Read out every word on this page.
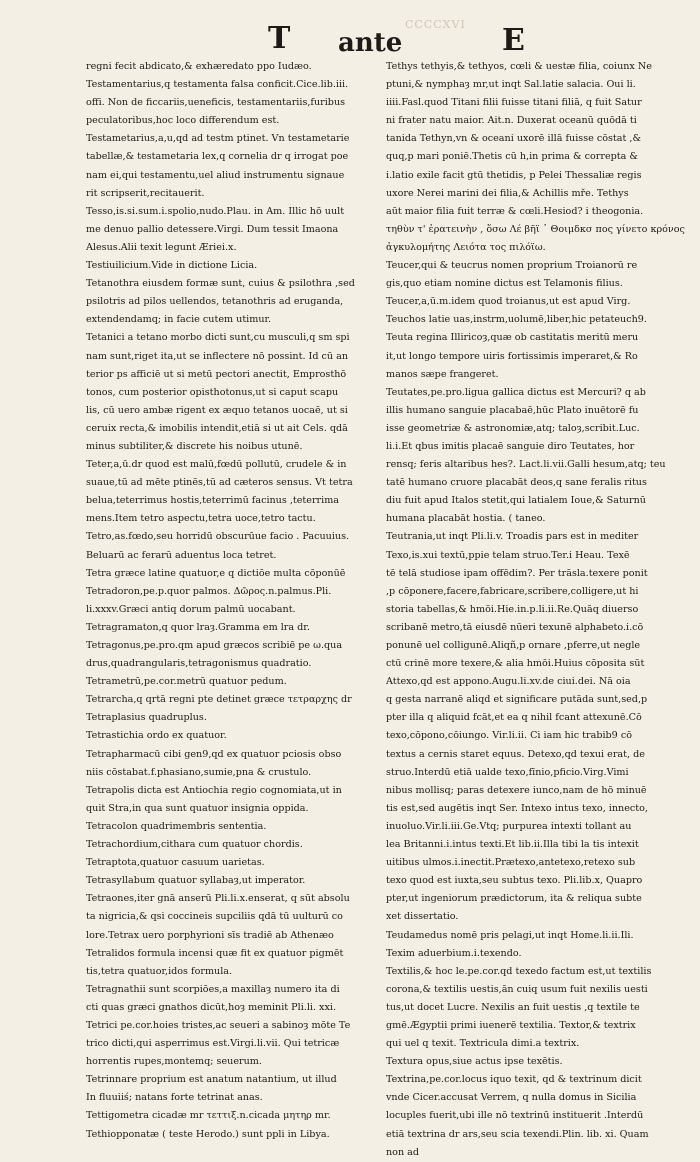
CCCCXVI
T ante	E
regni fecit abdicato,& exhæredato ppo Iudæo.
Testamentarius,q testamenta falsa conficit.Cice.lib.iii.
offi. Non de ficcariis,ueneficis, testamentariis,furibus
peculatoribus,hoc loco differendum est.
Testametarius,a,u,qd ad testm ptinet. Vn testametarie
tabellæ,& testametaria lex,q cornelia dr q irrogat poe
nam ei,qui testamentu,uel aliud instrumentu signaue
rit scripserit,recitauerit.
Tesso,is.si.sum.i.spolio,nudo.Plau. in Am. Illic hō uult
me denuo pallio detessere.Virgi. Dum tessit Imaona
Alesus.Alii texit legunt Æriei.x.
Testiuilicium.Vide in dictione Licia.
Tetanothra eiusdem formæ sunt, cuius & psilothra ,sed
psilotris ad pilos uellendos, tetanothris ad eruganda,
extendendamq; in facie cutem utimur.
Tetanici a tetano morbo dicti sunt,cu musculi,q sm spi
nam sunt,riget ita,ut se inflectere nō possint. Id cū an
terior ps afficiē ut si metū pectori anectit, Emprosthō
tonos, cum posterior opisthotonus,ut si caput scapu
lis, cū uero ambæ rigent ex æquo tetanos uocaē, ut si
ceruix recta,& imobilis intendit,etiā si ut ait Cels. qdā
minus subtiliter,& discrete his noibus utunē.
Teter,a,ū.dr quod est malū,fœdū pollutū, crudele & in
suaue,tū ad mēte ptinēs,tū ad cæteros sensus. Vt tetra
belua,teterrimus hostis,teterrimū facinus ,teterrima
mens.Item tetro aspectu,tetra uoce,tetro tactu.
Tetro,as.fœdo,seu horridū obscurūue facio . Pacuuius.
Beluarū ac ferarū aduentus loca tetret.
Tetra græce latine quatuor,e q dictiōe multa cōponūē
Tetradoron,pe.p.quor palmos. Δῶρος.n.palmus.Pli.
li.xxxv.Græci antiq dorum palmū uocabant.
Tetragramaton,q quor lraȝ.Gramma em lra dr.
Tetragonus,pe.pro.qm apud græcos scribiē pe ω.qua
drus,quadrangularis,tetragonismus quadratio.
Tetrametrū,pe.cor.metrū quatuor pedum.
Tetrarcha,q qrtā regni pte detinet græce τετραρχης dr
Tetraplasius quadruplus.
Tetrastichia ordo ex quatuor.
Tetrapharmacū cibi gen9,qd ex quatuor pciosis obso
niis cōstabat.f.phasiano,sumie,pna & crustulo.
Tetrapolis dicta est Antiochia regio cognomiata,ut in
quit Stra,in qua sunt quatuor insignia oppida.
Tetracolon quadrimembris sententia.
Tetrachordium,cithara cum quatuor chordis.
Tetraptota,quatuor casuum uarietas.
Tetrasyllabum quatuor syllabaȝ,ut imperator.
Tetraones,iter gnā anserū Pli.li.x.enserat, q sūt absolu
ta nigricia,& qsi coccineis supciliis qdā tū uulturū co
lore.Tetrax uero porphyrioni sīs tradiē ab Athenæo
Tetralidos formula incensi quæ fit ex quatuor pigmēt
tis,tetra quatuor,idos formula.
Tetragnathii sunt scorpiōes,a maxillaȝ numero ita di
cti quas græci gnathos dicūt,hoȝ meminit Pli.li. xxi.
Tetrici pe.cor.hoies tristes,ac seueri a sabinoȝ mōte Te
trico dicti,qui asperrimus est.Virgi.li.vii. Qui tetricæ
horrentis rupes,montemq; seuerum.
Tetrinnare proprium est anatum natantium, ut illud
In fluuiiś; natans forte tetrinat anas.
Tettigometra cicadæ mr τεττιξ.n.cicada μητηρ mr.
Tethiopponatæ ( teste Herodo.) sunt ppli in Libya.
Tethys tethyis,& tethyos, cœli & uestæ filia, coiunx Ne
ptuni,& nymphaȝ mr,ut inqt Sal.latie salacia. Oui li.
iiii.Fasl.quod Titani filii fuisse titani filiā, q fuit Satur
ni frater natu maior. Ait.n. Duxerat oceanū quōdā ti
tanida Tethyn,vn & oceani uxorē illā fuisse cōstat ,&
quq,p mari poniē.Thetis cū h,in prima & correpta &
i.latio exile facit gtū thetidis, p Pelei Thessaliæ regis
uxore Nerei marini dei filia,& Achillis mře. Tethys
aūt maior filia fuit terræ & cœli.Hesiod? i theogonia.
τηθὺν τ' ἐρατεινὴν , ὅσω Λέ βῆϊ ᾽ Θοιμδκσ πος γίνετο κρόνος
ἀγκυλομήτης Λειότα τος πιλόϊω.
Teucer,qui & teucrus nomen proprium Troianorū re
gis,quo etiam nomine dictus est Telamonis filius.
Teucer,a,ū.m.idem quod troianus,ut est apud Virg.
Teuchos latie uas,instrm,uolumē,liber,hic petateuch9.
Teuta regina Illiricoȝ,quæ ob castitatis meritū meru
it,ut longo tempore uiris fortissimis imperaret,& Ro
manos sæpe frangeret.
Teutates,pe.pro.ligua gallica dictus est Mercuri? q ab
illis humano sanguie placabaē,hūc Plato inuētorē fu
isse geometriæ & astronomiæ,atq; taloȝ,scribit.Luc.
li.i.Et qbus imitis placaē sanguie diro Teutates, hor
rensq; feris altaribus hes?. Lact.li.vii.Galli hesum,atq; teu
tatē humano cruore placabāt deos,q sane feralis ritus
diu fuit apud Italos stetit,qui latialem Ioue,& Saturnū
humana placabāt hostia. ( taneo.
Teutrania,ut inqt Pli.li.v. Troadis pars est in mediter
Texo,is.xui textū,ppie telam struo.Ter.i Heau. Texē
tē telā studiose ipam offēdim?. Per trāsla.texere ponit
,p cōponere,facere,fabricare,scribere,colligere,ut hi
storia tabellas,& hmōi.Hie.in.p.li.ii.Re.Quāq diuerso
scribanē metro,tā eiusdē nūeri texunē alphabeto.i.cō
ponunē uel colligunē.Aliqñ,p ornare ,pferre,ut negle
ctū crinē more texere,& alia hmōi.Huius cōposita sūt
Attexo,qd est appono.Augu.li.xv.de ciui.dei. Nā oia
q gesta narranē aliqd et significare putāda sunt,sed,p
pter illa q aliquid fcāt,et ea q nihil fcant attexunē.Cō
texo,cōpono,cōiungo. Vir.li.ii. Ci iam hic trabib9 cō
textus a cernis staret equus. Detexo,qd texui erat, de
struo.Interdū etiā ualde texo,fīnio,pficio.Virg.Vimi
nibus mollisq; paras detexere iunco,nam de hō minuē
tis est,sed augētis inqt Ser. Intexo intus texo, innecto,
inuoluo.Vir.li.iii.Ge.Vtq; purpurea intexti tollant au
lea Britanni.i.intus texti.Et lib.ii.Illa tibi la tis intexit
uitibus ulmos.i.inectit.Prætexo,antetexo,retexo sub
texo quod est iuxta,seu subtus texo. Pli.lib.x, Quapro
pter,ut ingeniorum prædictorum, ita & reliqua subte
xet dissertatio.
Teudamedus nomē pris pelagi,ut inqt Home.li.ii.Ili.
Texim aduerbium.i.texendo.
Textilis,& hoc le.pe.cor.qd texedo factum est,ut textilis
corona,& textilis uestis,ān cuiq usum fuit nexilis uesti
tus,ut docet Lucre. Nexilis an fuit uestis ,q textile te
gmē.Ægyptii primi iuenerē textilia. Textor,& textrix
qui uel q texit. Textricula dimi.a textrix.
Textura opus,siue actus ipse texētis.
Textrina,pe.cor.locus iquo texit, qd & textrinum dicit
vnde Cicer.accusat Verrem, q nulla domus in Sicilia
locuples fuerit,ubi ille nō textrinū instituerit .Interdū
etiā textrina dr ars,seu scia texendi.Plin. lib. xi. Quam
non ad
